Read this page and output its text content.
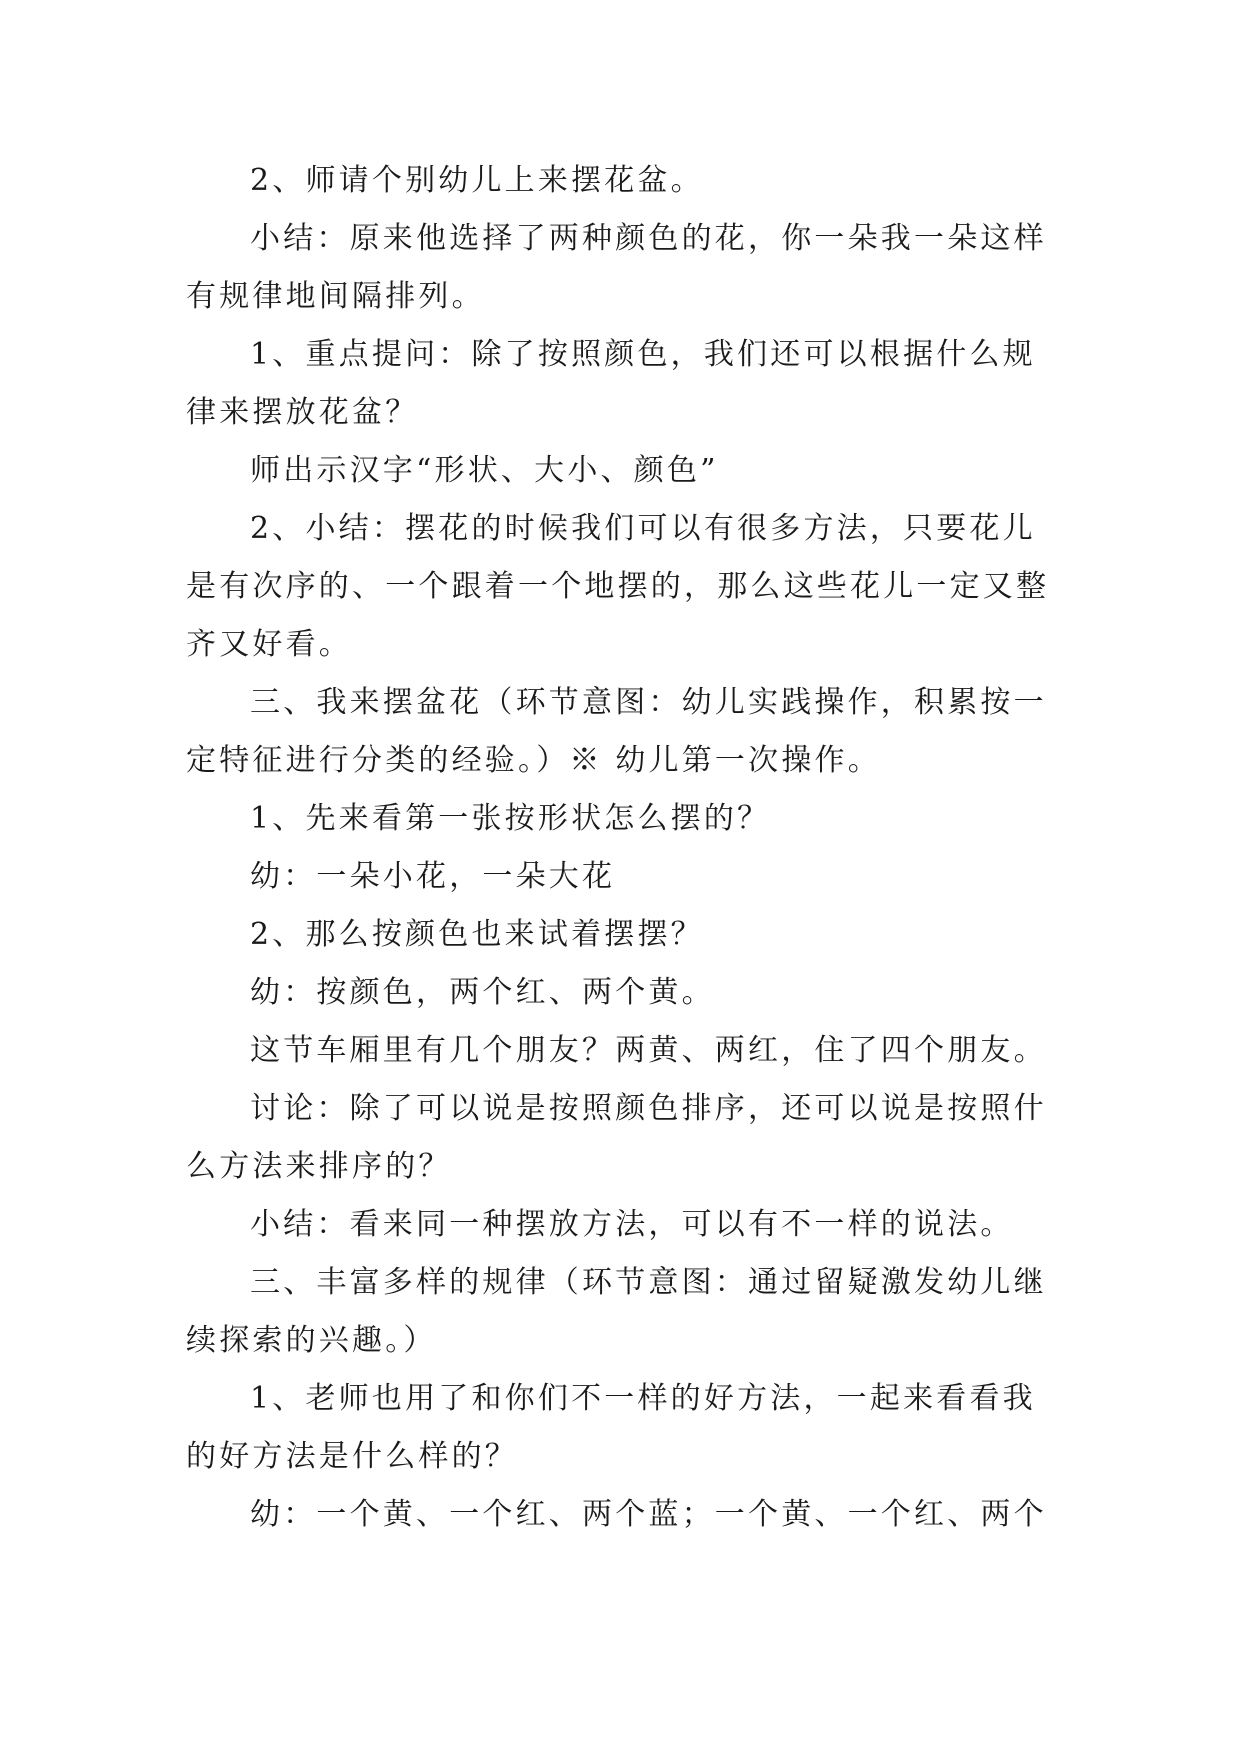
2、师请个别幼儿上来摆花盆。

小结：原来他选择了两种颜色的花，你一朵我一朵这样有规律地间隔排列。

1、重点提问：除了按照颜色，我们还可以根据什么规律来摆放花盆？

师出示汉字“形状、大小、颜色”

2、小结：摆花的时候我们可以有很多方法，只要花儿是有次序的、一个跟着一个地摆的，那么这些花儿一定又整齐又好看。

三、我来摆盆花（环节意图：幼儿实践操作，积累按一定特征进行分类的经验。）※ 幼儿第一次操作。

1、先来看第一张按形状怎么摆的？

幼：一朵小花，一朵大花

2、那么按颜色也来试着摆摆？

幼：按颜色，两个红、两个黄。

这节车厢里有几个朋友？两黄、两红，住了四个朋友。

讨论：除了可以说是按照颜色排序，还可以说是按照什么方法来排序的？

小结：看来同一种摆放方法，可以有不一样的说法。

三、丰富多样的规律（环节意图：通过留疑激发幼儿继续探索的兴趣。）

1、老师也用了和你们不一样的好方法，一起来看看我的好方法是什么样的？

幼：一个黄、一个红、两个蓝；一个黄、一个红、两个
